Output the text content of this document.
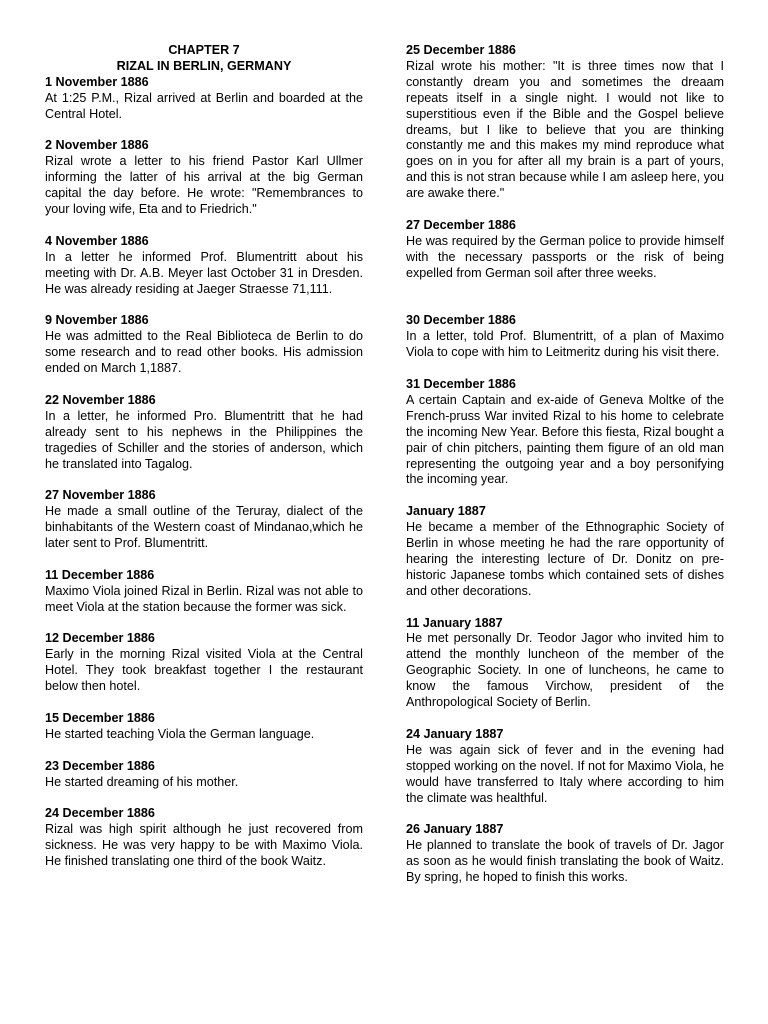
CHAPTER 7
RIZAL IN BERLIN, GERMANY
1 November 1886
At 1:25 P.M., Rizal arrived at Berlin and boarded at the Central Hotel.
2 November 1886
Rizal wrote a letter to his friend Pastor Karl Ullmer informing the latter of his arrival at the big German capital the day before. He wrote: "Remembrances to your loving wife, Eta and to Friedrich."
4 November 1886
In a letter he informed Prof. Blumentritt about his meeting with Dr. A.B. Meyer last October 31 in Dresden. He was already residing at Jaeger Straesse 71,111.
9 November 1886
He was admitted to the Real Biblioteca de Berlin to do some research and to read other books. His admission ended on March 1,1887.
22 November 1886
In a letter, he informed Pro. Blumentritt that he had already sent to his nephews in the Philippines the tragedies of Schiller and the stories of anderson, which he translated into Tagalog.
27 November 1886
He made a small outline of the Teruray, dialect of the binhabitants of the Western coast of Mindanao,which he later sent to Prof. Blumentritt.
11 December 1886
Maximo Viola joined Rizal in Berlin. Rizal was not able to meet Viola at the station because the former was sick.
12 December 1886
Early in the morning Rizal visited Viola at the Central Hotel. They took breakfast together I the restaurant below then hotel.
15 December 1886
He started teaching Viola the German language.
23 December 1886
He started dreaming of his mother.
24 December 1886
Rizal was high spirit although he just recovered from sickness. He was very happy to be with Maximo Viola. He finished translating one third of the book Waitz.
25 December 1886
Rizal wrote his mother: "It is three times now that I constantly dream you and sometimes the dreaam repeats itself in a single night. I would not like to superstitious even if the Bible and the Gospel believe dreams, but I like to believe that you are thinking constantly me and this makes my mind reproduce what goes on in you for after all my brain is a part of yours, and this is not stran because while I am asleep here, you are awake there."
27 December 1886
He was required by the German police to provide himself with the necessary passports or the risk of being expelled from German soil after three weeks.
30 December 1886
In a letter, told Prof. Blumentritt, of a plan of Maximo Viola to cope with him to Leitmeritz during his visit there.
31 December 1886
A certain Captain and ex-aide of Geneva Moltke of the French-pruss War invited Rizal to his home to celebrate the incoming New Year. Before this fiesta, Rizal bought a pair of chin pitchers, painting them figure of an old man representing the outgoing year and a boy personifying the incoming year.
January 1887
He became a member of the Ethnographic Society of Berlin in whose meeting he had the rare opportunity of hearing the interesting lecture of Dr. Donitz on pre-historic Japanese tombs which contained sets of dishes and other decorations.
11 January 1887
He met personally Dr. Teodor Jagor who invited him to attend the monthly luncheon of the member of the Geographic Society. In one of luncheons, he came to know the famous Virchow, president of the Anthropological Society of Berlin.
24 January 1887
He was again sick of fever and in the evening had stopped working on the novel. If not for Maximo Viola, he would have transferred to Italy where according to him the climate was healthful.
26 January 1887
He planned to translate the book of travels of Dr. Jagor as soon as he would finish translating the book of Waitz. By spring, he hoped to finish this works.
